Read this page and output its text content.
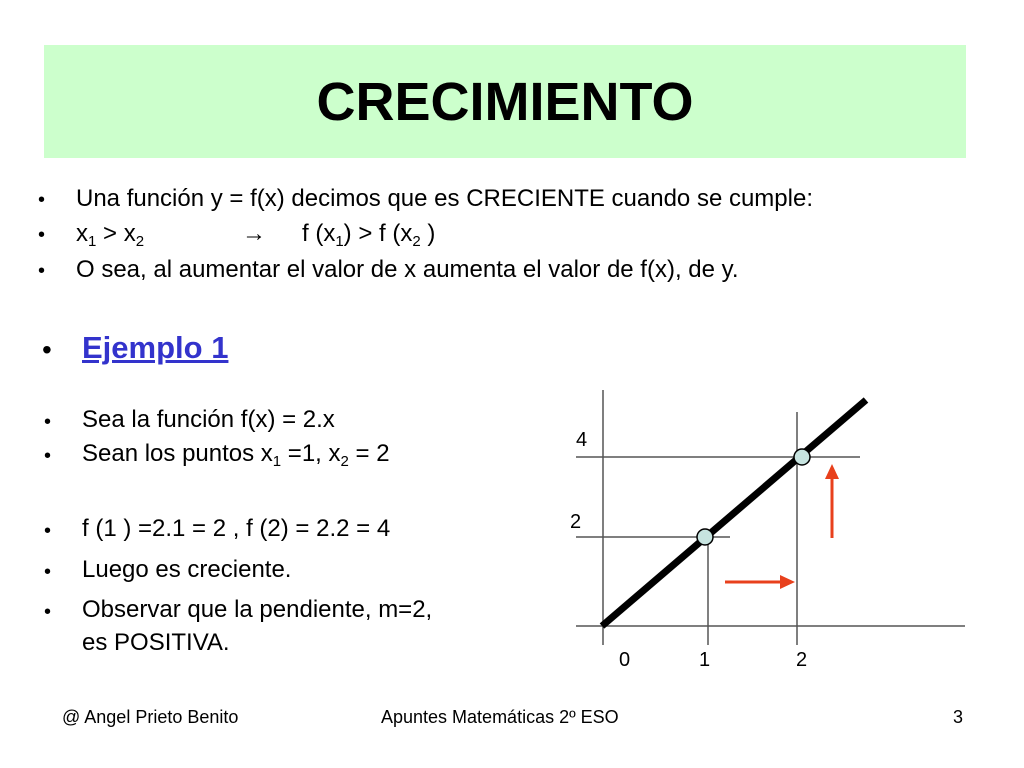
CRECIMIENTO
• Una función y = f(x) decimos que es CRECIENTE cuando se cumple:
• $x_1 > x_2$	→ f $(x_1) > f$ ($x_2$ )
• O sea, al aumentar el valor de x aumenta el valor de f(x), de y.
• Ejemplo 1
• Sea la función f(x) = 2.x
• Sean los puntos $x_1 =1$, $x_2 = 2$
• f (1 ) =2.1 = 2 , f (2) = 2.2 = 4
• Luego es creciente.
• Observar que la pendiente, m=2,
es POSITIVA.
4
2
0	1	2
@ Angel Prieto Benito	Apuntes Matemáticas 2º ESO	3
